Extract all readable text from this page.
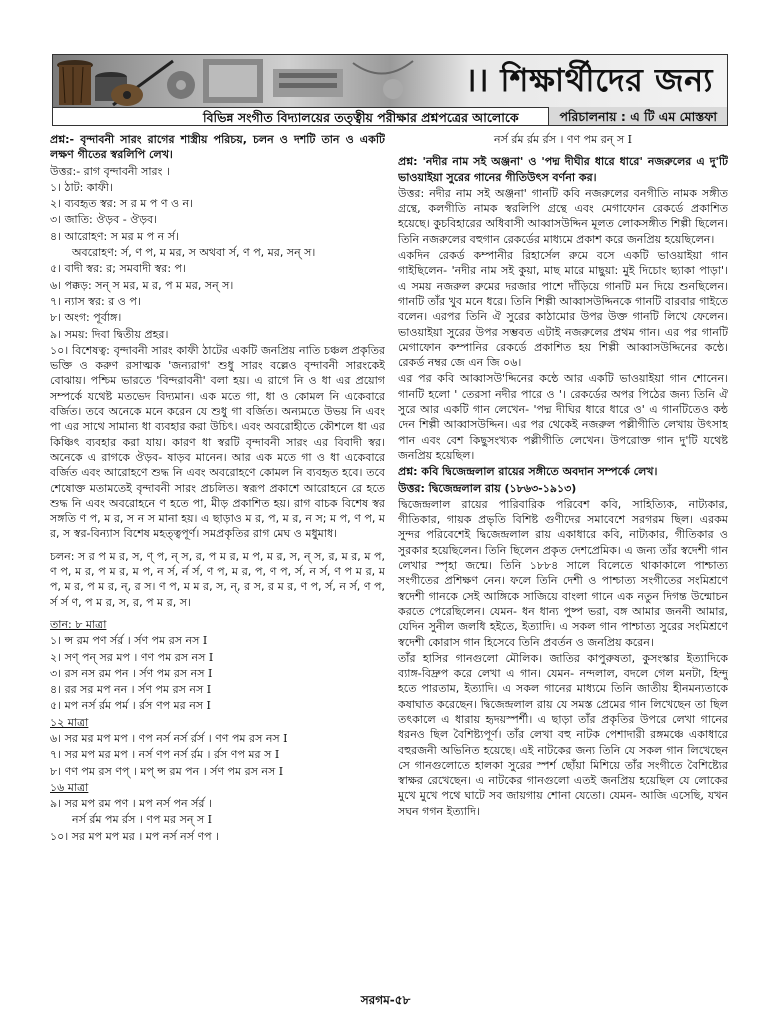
।। শিক্ষার্থীদের জন্য
বিভিন্ন সংগীত বিদ্যালয়ের তত্ত্বীয় পরীক্ষার প্রশ্নপত্রের আলোকে	পরিচালনায় : এ টি এম মোস্তফা

প্রশ্ন:- বৃন্দাবনী সারং রাগের শাস্ত্রীয় পরিচয়, চলন ও দশটি তান ও একটি লক্ষণ গীতের স্বরলিপি লেখ।

উত্তর:- রাগ বৃন্দাবনী সারং ।

১। ঠাট: কাফী।

২। ব্যবহৃত স্বর: স র ম প ণ ও ন।

৩। জাতি: ঔড়ব - ঔড়ব।

৪। আরোহণ: স মর ম প ন র্স।

অবরোহণ: র্স, ণ প, ম মর, স অথবা র্স, ণ প, মর, সন্ স।

৫। বাদী স্বর: র; সমবাদী স্বর: প।

৬। পক্কড়: সন্ স মর, ম র, প ম মর, সন্ স।

৭। ন্যাস স্বর: র ও প।

৮। অংগ: পূর্বাঙ্গ।

৯। সময়: দিবা দ্বিতীয় প্রহর।

১০। বিশেষত্ব: বৃন্দাবনী সারং কাফী ঠাটের একটি জনপ্রিয় নাতি চঞ্চল প্রকৃতির ভক্তি ও করুণ রসাত্মক 'জন্যরাগ' শুধু সারং বল্লেও বৃন্দাবনী সারংকেই বোঝায়। পশ্চিম ভারতে 'বিন্দরাবনী' বলা হয়। এ রাগে নি ও ধা এর প্রয়োগ সম্পর্কে যথেষ্ট মতভেদ বিদ্যমান। এক মতে গা, ধা ও কোমল নি একেবারে বর্জিত। তবে অনেকে মনে করেন যে শুধু গা বর্জিত। অন্যমতে উভয় নি এবং পা এর সাথে সামান্য ধা ব্যবহার করা উচিৎ। এবং অবরোহীতে কৌশলে ধা এর কিঞ্চিৎ ব্যবহার করা যায়। কারণ ধা স্বরটি বৃন্দাবনী সারং এর বিবাদী স্বর। অনেকে এ রাগকে ঔড়ব- ষাড়ব মানেন। আর এক মতে গা ও ধা একেবারে বর্জিত এবং আরোহণে শুদ্ধ নি এবং অবরোহণে কোমল নি ব্যবহৃত হবে। তবে শেষোক্ত মতামতেই বৃন্দাবনী সারং প্রচলিত। স্বরূপ প্রকাশে আরোহনে রে হতে শুদ্ধ নি এবং অবরোহনে ণ হতে পা, মীড় প্রকাশিত হয়। রাগ বাচক বিশেষ স্বর সঙ্গতি ণ প, ম র, স ন স মানা হয়। এ ছাড়াও ম র, প, ম র, ন স; ম প, ণ প, ম র, স স্বর-বিন্যাস বিশেষ মহত্ত্বপূর্ণ। সমপ্রকৃতির রাগ মেঘ ও মধুমাধ।

চলন: স র প ম র, স, ণ্ প, ন্ স, র, প ম র, ম প, ম র, স, ন্ স, র, ম র, ম প, ণ প, ম র, প ম র, ম প, ন র্স, র্ন র্স, ণ প, ম র, প, ণ প, র্স, ন র্স, ণ প ম র, ম প, ম র, প ম র, ন্, র স। ণ প, ম ম র, স, ন্, র স, র ম র, ণ প, র্স, ন র্স, ণ প, র্স র্স ণ, প ম র, স, র, প ম র, স।

তান: ৮ মাত্রা

১। ন্স রম পণ র্সর্র । র্সণ পম রস নস I

২। সণ্ পন্ সর মপ । ণণ পম রস নস I

৩। রস নস রম পন । র্সণ পম রস নস I

৪। রর সর মপ নন । র্সণ পম রস নস I

৫। মপ নর্স র্রম পর্ম । র্রস ণপ মর নস I

১২ মাত্রা

৬। সর মর মপ মপ । ণপ নর্স নর্স র্রর্স । ণণ পম রস নস I

৭। সর মপ মর মপ । নর্স ণপ নর্স র্রম । র্রস ণপ মর স I

৮। ণণ পম রস ণপ্ । মপ্ ন্স রম পন । র্সণ পম রস নস I

১৬ মাত্রা

৯। সর মপ রম পণ । মপ নর্স পন র্সর্র ।

নর্স র্রম পম র্রস । ণপ মর সন্ স I

১০। সর মপ মপ মর । মপ নর্স নর্স ণপ ।

নর্স র্রম র্রম র্রস । ণণ পম রন্ স I

প্রশ্ন: 'নদীর নাম সই অঞ্জনা' ও 'পদ্ম দীঘীর ধারে ধারে' নজরুলের এ দু'টি ভাওয়াইয়া সুরের গানের গীতিউৎস বর্ণনা কর।

উত্তর: নদীর নাম সই অঞ্জনা' গানটি কবি নজরুলের বনগীতি নামক সঙ্গীত গ্রন্থে, কলগীতি নামক স্বরলিপি গ্রন্থে এবং মেগাফোন রেকর্ডে প্রকাশিত হয়েছে। কুচবিহারের অধিবাসী আব্বাসউদ্দিন মূলত লোকসঙ্গীত শিল্পী ছিলেন। তিনি নজরুলের বহুগান রেকর্ডের মাধ্যমে প্রকাশ করে জনপ্রিয় হয়েছিলেন।

একদিন রেকর্ড কম্পানীর রিহার্সেল রুমে বসে একটি ভাওয়াইয়া গান গাইছিলেন- 'নদীর নাম সই কুয়া, মাছ মারে মাছুয়া: মুই দিচোং ছ্যাকা পাড়া'। এ সময় নজরুল রুমের দরজার পাশে দাঁড়িয়ে গানটি মন দিয়ে শুনছিলেন। গানটি তাঁর খুব মনে ধরে। তিনি শিল্পী আব্বাসউদ্দিনকে গানটি বারবার গাইতে বলেন। এরপর তিনি ঐ সুরের কাঠামোর উপর উক্ত গানটি লিখে ফেলেন। ভাওয়াইয়া সুরের উপর সম্ভবত এটাই নজরুলের প্রথম গান। এর পর গানটি মেগাফোন কম্পানির রেকর্ডে প্রকাশিত হয় শিল্পী আব্বাসউদ্দিনের কন্ঠে। রেকর্ড নম্বর জে এন জি ০৬।

এর পর কবি আব্বাসউ'দ্দিনের কন্ঠে আর একটি ভাওয়াইয়া গান শোনেন। গানটি হলো ' তেরসা নদীর পারে ও '। রেকর্ডের অপর পিঠের জন্য তিনি ঐ সুরে আর একটি গান লেখেন- 'পদ্ম দীঘির ধারে ধারে ও' এ গানটিতেও কন্ঠ দেন শিল্পী আব্বাসউদ্দিন। এর পর থেকেই নজরুল পল্লীগীতি লেখায় উৎসাহ পান এবং বেশ কিছুসংখ্যক পল্লীগীতি লেখেন। উপরোক্ত গান দু'টি যথেষ্ট জনপ্রিয় হয়েছিল।

প্রশ্ন: কবি দ্বিজেন্দ্রলাল রায়ের সঙ্গীতে অবদান সম্পর্কে লেখ।

উত্তর: দ্বিজেন্দ্রলাল রায় (১৮৬৩-১৯১৩)

দ্বিজেন্দ্রলাল রায়ের পারিবারিক পরিবেশ কবি, সাহিত্যিক, নাট্যকার, গীতিকার, গায়ক প্রভৃতি বিশিষ্ট গুণীদের সমাবেশে সরগরম ছিল। এরকম সুন্দর পরিবেশেই দ্বিজেন্দ্রলাল রায় একাধারে কবি, নাট্যকার, গীতিকার ও সুরকার হয়েছিলেন। তিনি ছিলেন প্রকৃত দেশপ্রেমিক। এ জন্য তাঁর স্বদেশী গান লেখার স্পৃহা জন্মে। তিনি ১৮৮৪ সালে বিলেতে থাকাকালে পাশ্চাত্য সংগীতের প্রশিক্ষণ নেন। ফলে তিনি দেশী ও পাশ্চাত্য সংগীতের সংমিশ্রণে স্বদেশী গানকে সেই আঙ্গিকে সাজিয়ে বাংলা গানে এক নতুন দিগন্ত উন্মোচন করতে পেরেছিলেন। যেমন- ধন ধান্য পুষ্প ভরা, বঙ্গ আমার জননী আমার, যেদিন সুনীল জলধি হইতে, ইত্যাদি। এ সকল গান পাশ্চাত্য সুরের সংমিশ্রণে স্বদেশী কোরাস গান হিসেবে তিনি প্রবর্তন ও জনপ্রিয় করেন।

তাঁর হাসির গানগুলো মৌলিক। জাতির কাপুরুষতা, কুসংস্কার ইত্যাদিকে ব্যাঙ্গ-বিদ্রুপ করে লেখা এ গান। যেমন- নন্দলাল, বদলে গেল মনটা, হিন্দু হতে পারতাম, ইত্যাদি। এ সকল গানের মাধ্যমে তিনি জাতীয় হীনমন্যতাকে কষাঘাত করেছেন। দ্বিজেন্দ্রলাল রায় যে সমস্ত প্রেমের গান লিখেছেন তা ছিল তৎকালে এ ধারায় হৃদয়স্পর্শী। এ ছাড়া তাঁর প্রকৃতির উপরে লেখা গানের ধরনও ছিল বৈশিষ্ট্যপূর্ণ। তাঁর লেখা বহু নাটক পেশাদারী রঙ্গমঞ্চে একাধারে বহুরজনী অভিনিত হয়েছে। এই নাটকের জন্য তিনি যে সকল গান লিখেছেন সে গানগুলোতে হালকা সুরের স্পর্শ ছোঁয়া মিশিয়ে তাঁর সংগীতে বৈশিষ্ট্যের স্বাক্ষর রেখেছেন। এ নাটকের গানগুলো এতই জনপ্রিয় হয়েছিল যে লোকের মুখে মুখে পথে ঘাটে সব জায়গায় শোনা যেতো। যেমন- আজি এসেছি, যখন সঘন গগন ইত্যাদি।

সরগম-৫৮
